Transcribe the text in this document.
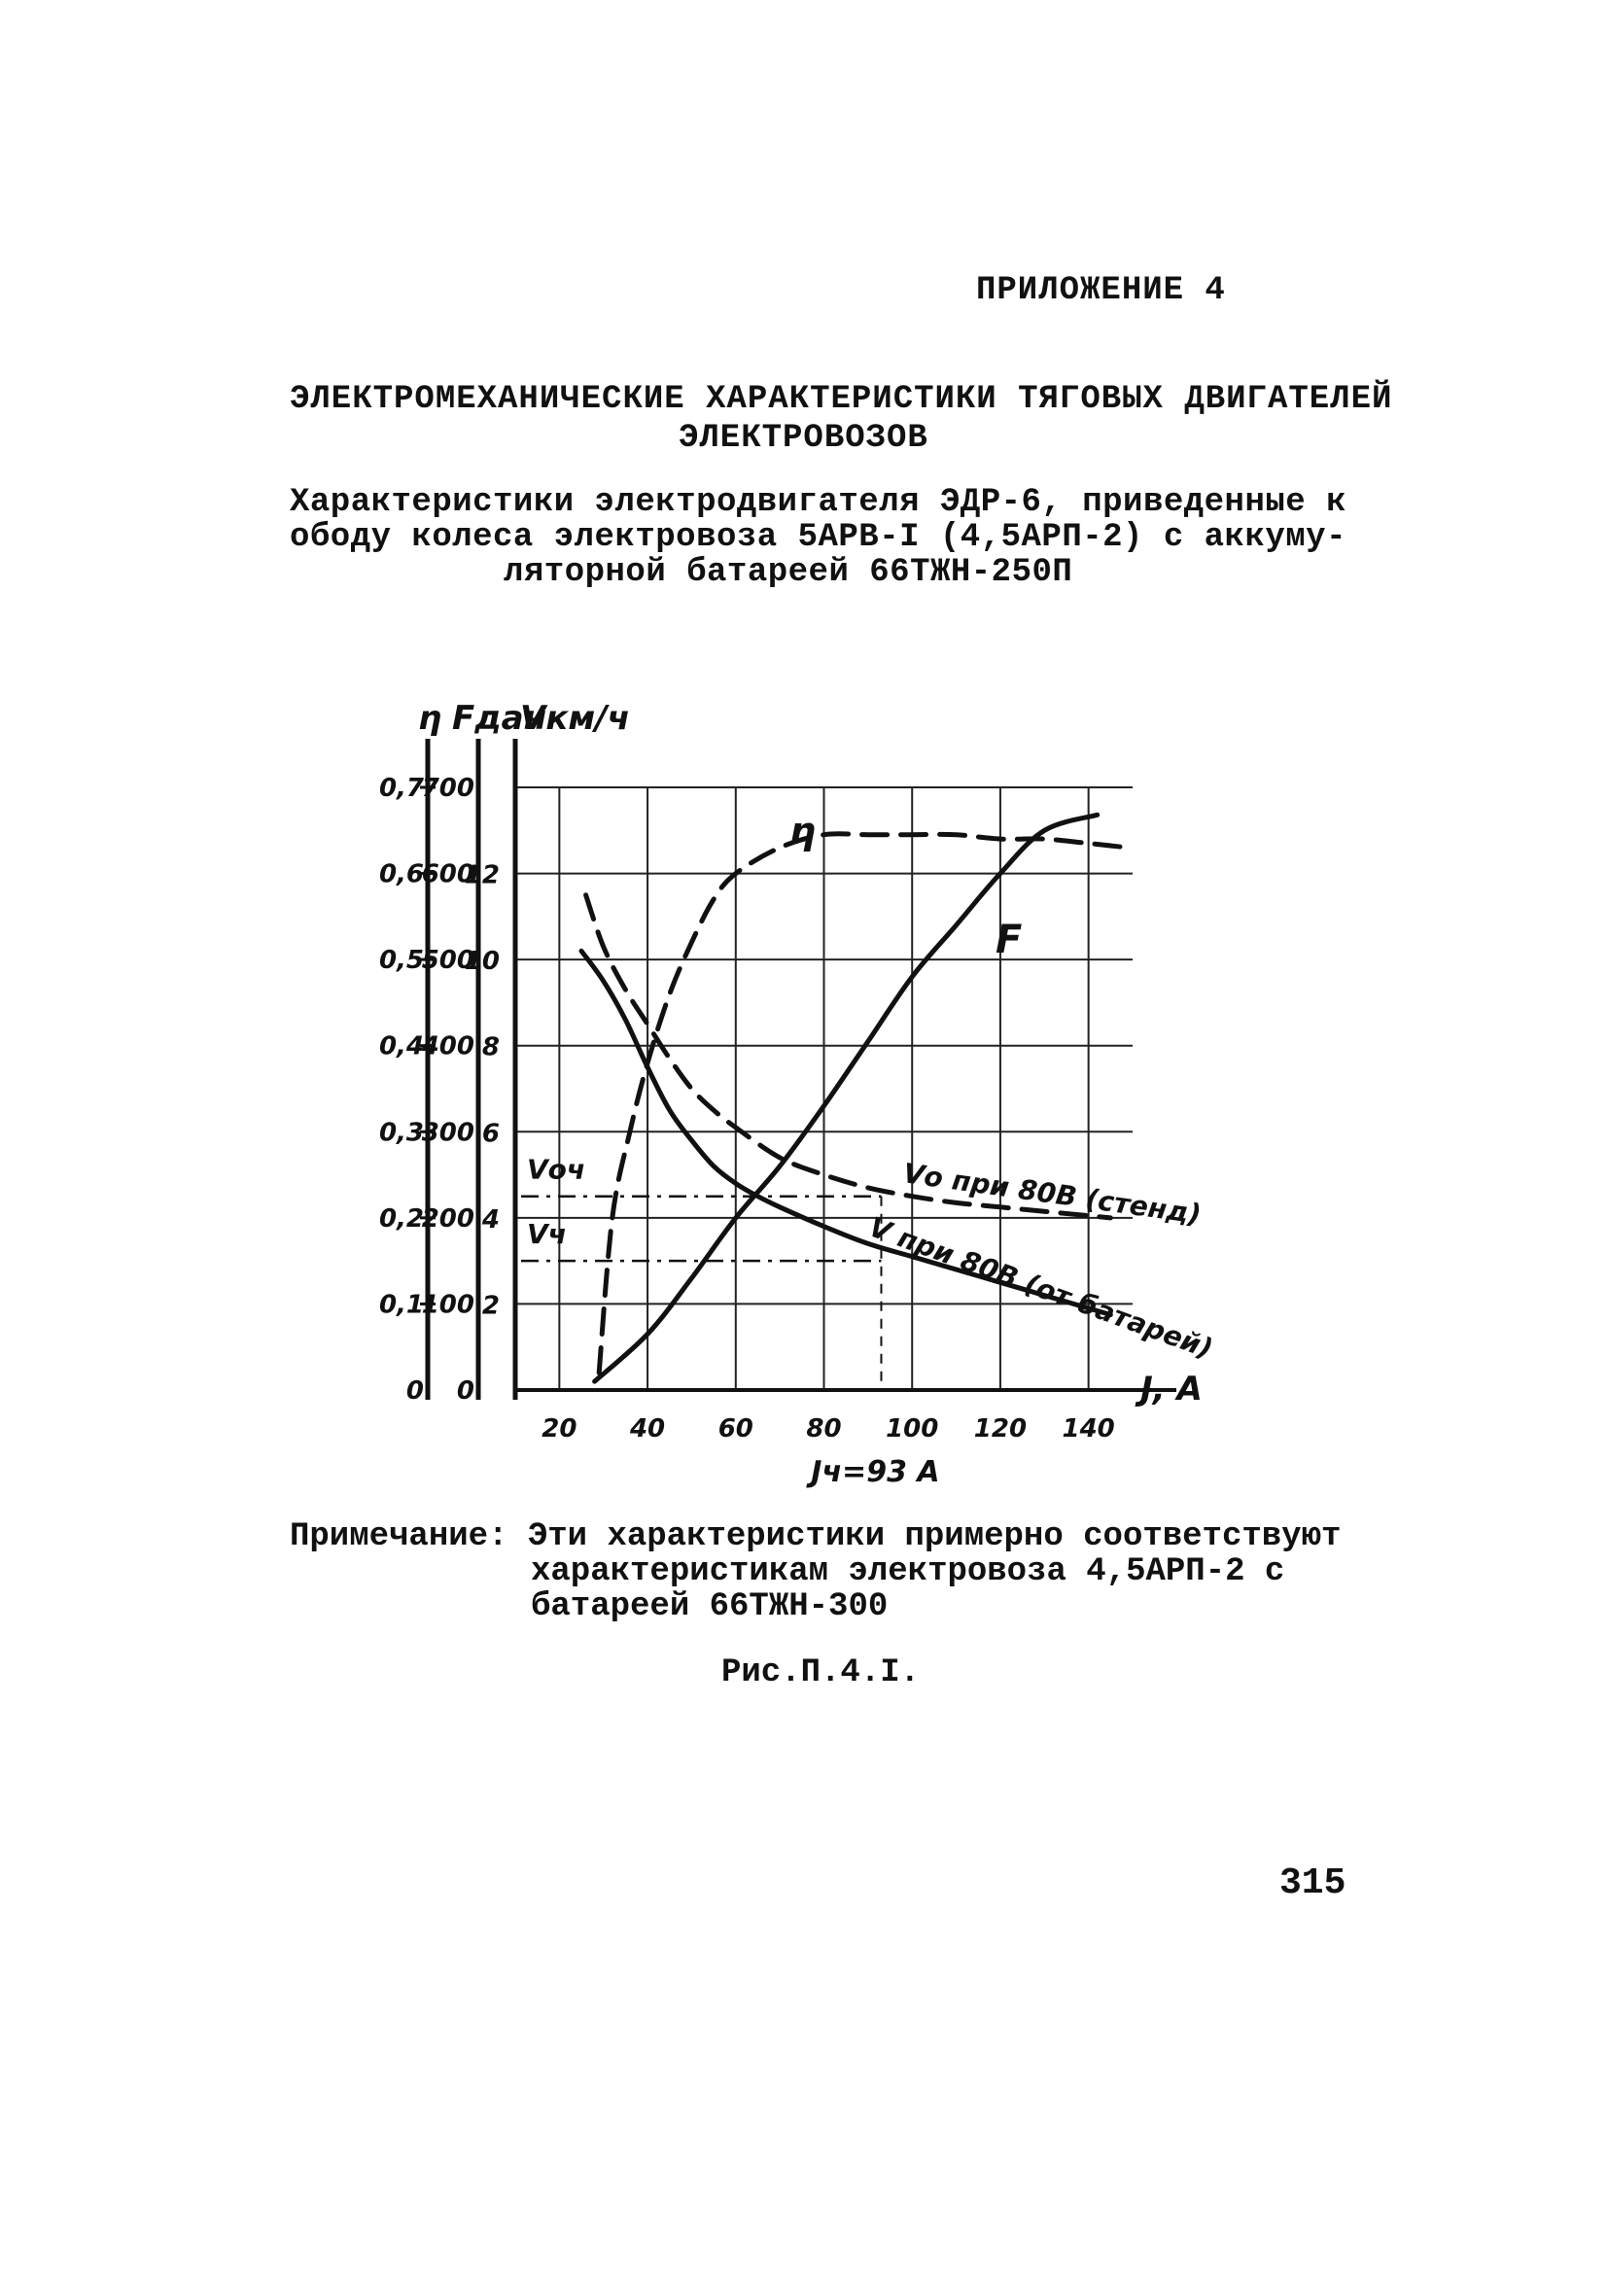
ПРИЛОЖЕНИЕ 4
ЭЛЕКТРОМЕХАНИЧЕСКИЕ ХАРАКТЕРИСТИКИ ТЯГОВЫХ ДВИГАТЕЛЕЙ
ЭЛЕКТРОВОЗОВ
Характеристики электродвигателя ЭДР-6, приведенные к
ободу колеса электровоза 5АРВ-I (4,5АРП-2) с аккуму-
ляторной батареей 66ТЖН-250П
0
0,1
0,2
0,3
0,4
0,5
0,6
0,7
0
100
200
300
400
500
600
700
2
4
6
8
10
12
η Fдан
Vкм/ч
20 40 60 80 100 120 140
J, A
Jч=93 A
Vоч
Vч
η
F
Vо при 80В (стенд)
V при 80В (от батарей)
Примечание: Эти характеристики примерно соответствуют
характеристикам электровоза 4,5АРП-2 с
батареей 66ТЖН-300
Рис.П.4.I.
315
